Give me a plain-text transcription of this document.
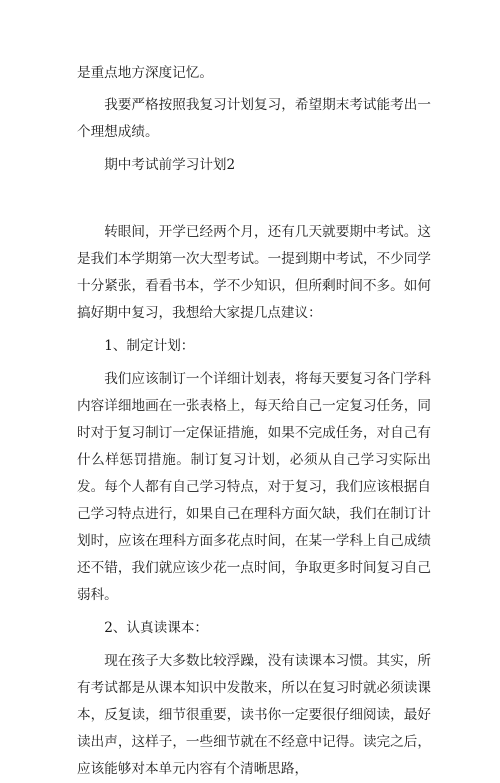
是重点地方深度记忆。

我要严格按照我复习计划复习，希望期末考试能考出一个理想成绩。

期中考试前学习计划2

转眼间，开学已经两个月，还有几天就要期中考试。这是我们本学期第一次大型考试。一提到期中考试，不少同学十分紧张，看看书本，学不少知识，但所剩时间不多。如何搞好期中复习，我想给大家提几点建议：

1、制定计划：

我们应该制订一个详细计划表，将每天要复习各门学科内容详细地画在一张表格上，每天给自己一定复习任务，同时对于复习制订一定保证措施，如果不完成任务，对自己有什么样惩罚措施。制订复习计划，必须从自己学习实际出发。每个人都有自己学习特点，对于复习，我们应该根据自己学习特点进行，如果自己在理科方面欠缺，我们在制订计划时，应该在理科方面多花点时间，在某一学科上自己成绩还不错，我们就应该少花一点时间，争取更多时间复习自己弱科。

2、认真读课本：

现在孩子大多数比较浮躁，没有读课本习惯。其实，所有考试都是从课本知识中发散来，所以在复习时就必须读课本，反复读，细节很重要，读书你一定要很仔细阅读，最好读出声，这样子，一些细节就在不经意中记得。读完之后，应该能够对本单元内容有个清晰思路，
